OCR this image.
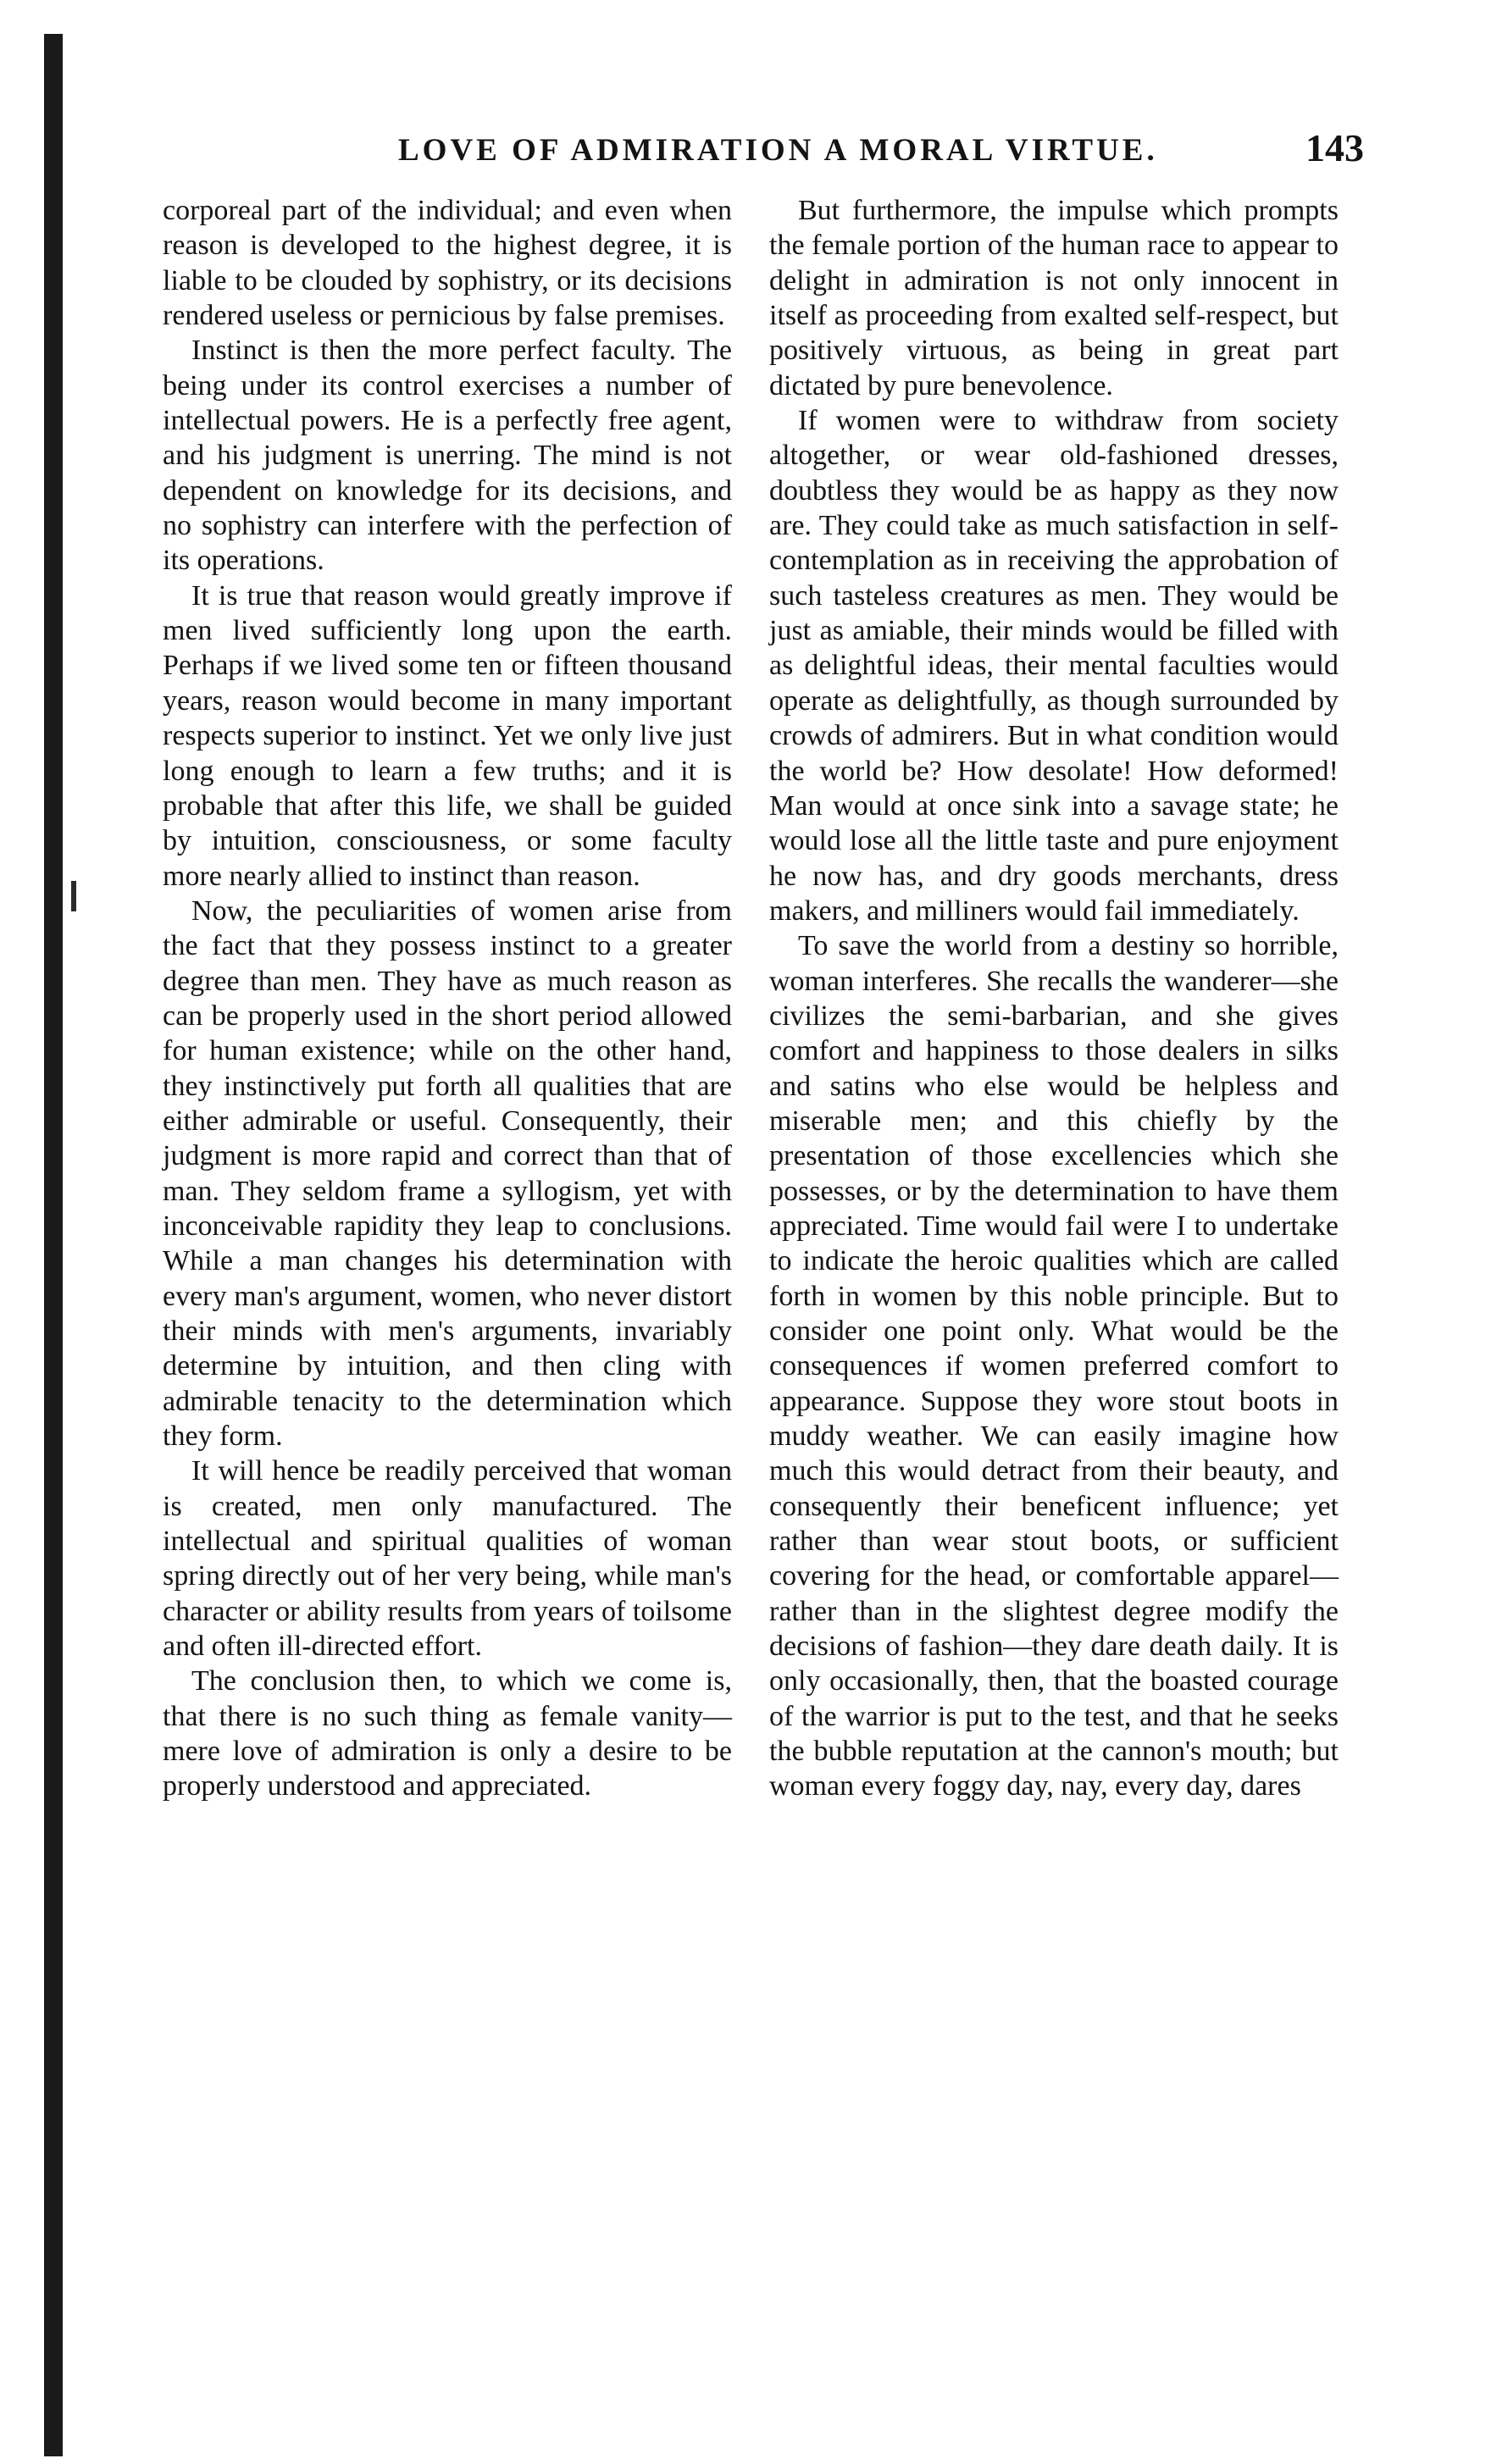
LOVE OF ADMIRATION A MORAL VIRTUE.	143

corporeal part of the individual; and even when reason is developed to the highest degree, it is liable to be clouded by sophistry, or its decisions rendered useless or pernicious by false premises.

Instinct is then the more perfect faculty. The being under its control exercises a number of intellectual powers. He is a perfectly free agent, and his judgment is unerring. The mind is not dependent on knowledge for its decisions, and no sophistry can interfere with the perfection of its operations.

It is true that reason would greatly improve if men lived sufficiently long upon the earth. Perhaps if we lived some ten or fifteen thousand years, reason would become in many important respects superior to instinct. Yet we only live just long enough to learn a few truths; and it is probable that after this life, we shall be guided by intuition, consciousness, or some faculty more nearly allied to instinct than reason.

Now, the peculiarities of women arise from the fact that they possess instinct to a greater degree than men. They have as much reason as can be properly used in the short period allowed for human existence; while on the other hand, they instinctively put forth all qualities that are either admirable or useful. Consequently, their judgment is more rapid and correct than that of man. They seldom frame a syllogism, yet with inconceivable rapidity they leap to conclusions. While a man changes his determination with every man's argument, women, who never distort their minds with men's arguments, invariably determine by intuition, and then cling with admirable tenacity to the determination which they form.

It will hence be readily perceived that woman is created, men only manufactured. The intellectual and spiritual qualities of woman spring directly out of her very being, while man's character or ability results from years of toilsome and often ill-directed effort.

The conclusion then, to which we come is, that there is no such thing as female vanity—mere love of admiration is only a desire to be properly understood and appreciated.

But furthermore, the impulse which prompts the female portion of the human race to appear to delight in admiration is not only innocent in itself as proceeding from exalted self-respect, but positively virtuous, as being in great part dictated by pure benevolence.

If women were to withdraw from society altogether, or wear old-fashioned dresses, doubtless they would be as happy as they now are. They could take as much satisfaction in self-contemplation as in receiving the approbation of such tasteless creatures as men. They would be just as amiable, their minds would be filled with as delightful ideas, their mental faculties would operate as delightfully, as though surrounded by crowds of admirers. But in what condition would the world be? How desolate! How deformed! Man would at once sink into a savage state; he would lose all the little taste and pure enjoyment he now has, and dry goods merchants, dress makers, and milliners would fail immediately.

To save the world from a destiny so horrible, woman interferes. She recalls the wanderer—she civilizes the semi-barbarian, and she gives comfort and happiness to those dealers in silks and satins who else would be helpless and miserable men; and this chiefly by the presentation of those excellencies which she possesses, or by the determination to have them appreciated. Time would fail were I to undertake to indicate the heroic qualities which are called forth in women by this noble principle. But to consider one point only. What would be the consequences if women preferred comfort to appearance. Suppose they wore stout boots in muddy weather. We can easily imagine how much this would detract from their beauty, and consequently their beneficent influence; yet rather than wear stout boots, or sufficient covering for the head, or comfortable apparel—rather than in the slightest degree modify the decisions of fashion—they dare death daily. It is only occasionally, then, that the boasted courage of the warrior is put to the test, and that he seeks the bubble reputation at the cannon's mouth; but woman every foggy day, nay, every day, dares
